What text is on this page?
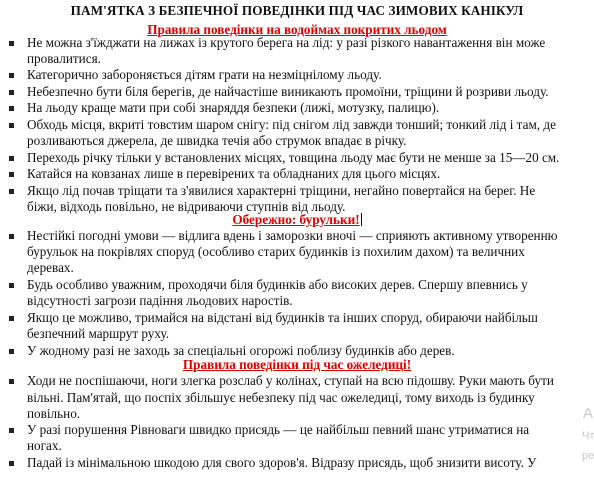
ПАМ'ЯТКА З БЕЗПЕЧНОЇ ПОВЕДІНКИ ПІД ЧАС ЗИМОВИХ КАНІКУЛ
Правила поведінки на водоймах покритих льодом
Не можна з'їжджати на лижах із крутого берега на лід: у разі різкого навантаження він може
провалитися.
Категорично забороняється дітям грати на незміцнілому льоду.
Небезпечно бути біля берегів, де найчастіше виникають промоїни, тріщини й розриви льоду.
На льоду краще мати при собі знаряддя безпеки (лижі, мотузку, палицю).
Обходь місця, вкриті товстим шаром снігу: під снігом лід завжди тонший; тонкий лід і там, де
розливаються джерела, де швидка течія або струмок впадає в річку.
Переходь річку тільки у встановлених місцях, товщина льоду має бути не менше за 15—20 см.
Катайся на ковзанах лише в перевірених та обладнаних для цього місцях.
Якщо лід почав тріщати та з'явилися характерні тріщини, негайно повертайся на берег. Не
біжи, відходь повільно, не відриваючи ступнів від льоду.
Обережно: бурульки!
Нестійкі погодні умови — відлига вдень і заморозки вночі — сприяють активному утворенню
бурульок на покрівлях споруд (особливо старих будинків із похилим дахом) та величних
деревах.
Будь особливо уважним, проходячи біля будинків або високих дерев. Спершу впевнись у
відсутності загрози падіння льодових наростів.
Якщо це можливо, тримайся на відстані від будинків та інших споруд, обираючи найбільш
безпечний маршрут руху.
У жодному разі не заходь за спеціальні огорожі поблизу будинків або дерев.
Правила поведінки під час ожеледиці!
Ходи не поспішаючи, ноги злегка розслаб у колінах, ступай на всю підошву. Руки мають бути
вільні. Пам'ятай, що поспіх збільшує небезпеку під час ожеледиці, тому виходь із будинку
повільно.
У разі порушення Рівноваги швидко присядь — це найбільш певний шанс утриматися на
ногах.
Падай із мінімальною шкодою для свого здоров'я. Відразу присядь, щоб знизити висоту. У
А
Чт
ре
